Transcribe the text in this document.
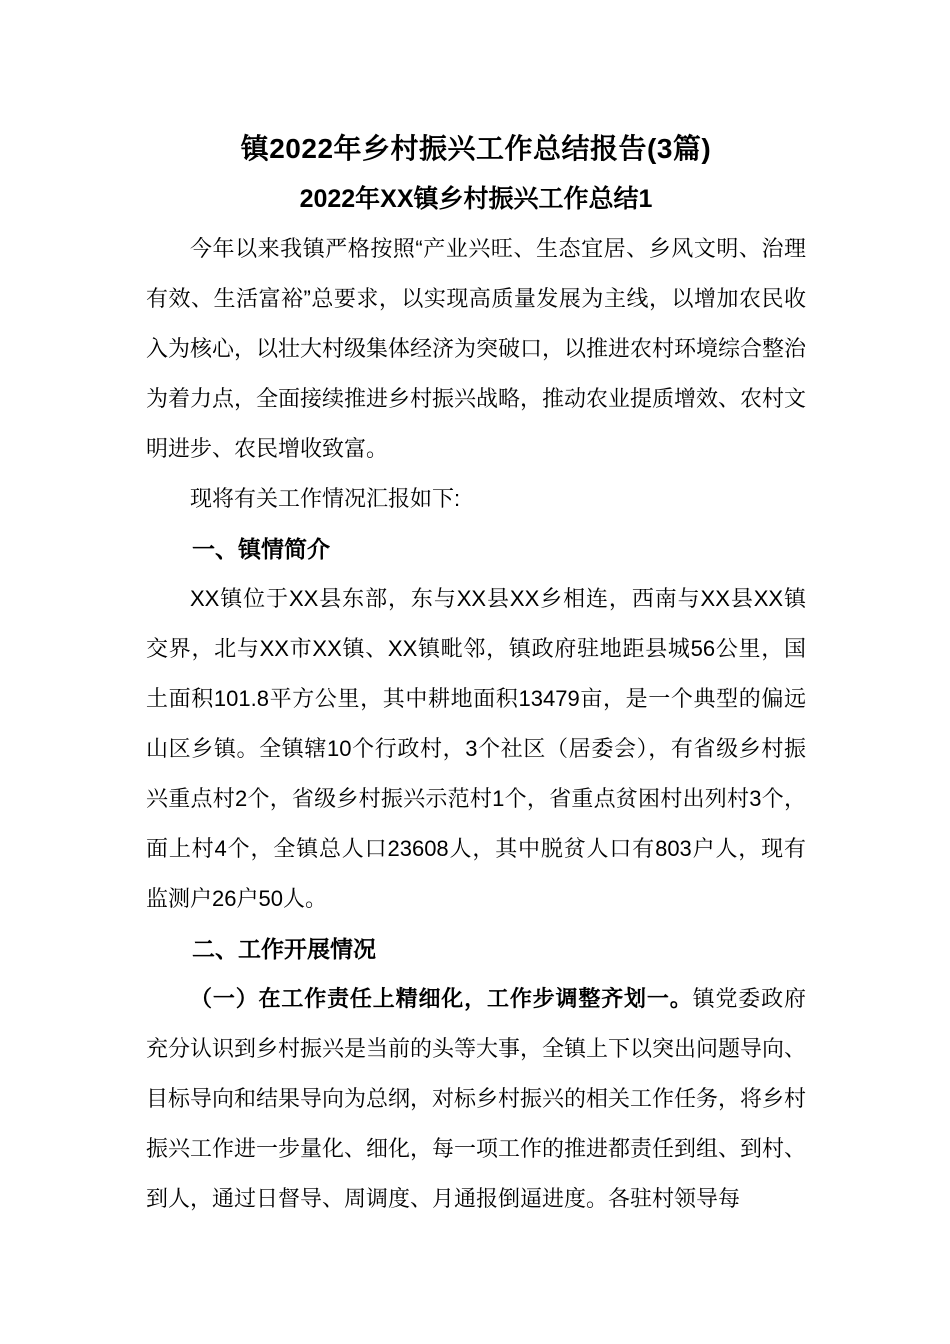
镇2022年乡村振兴工作总结报告(3篇)
2022年XX镇乡村振兴工作总结1

今年以来我镇严格按照“产业兴旺、生态宜居、乡风文明、治理有效、生活富裕”总要求，以实现高质量发展为主线，以增加农民收入为核心，以壮大村级集体经济为突破口，以推进农村环境综合整治为着力点，全面接续推进乡村振兴战略，推动农业提质增效、农村文明进步、农民增收致富。

现将有关工作情况汇报如下:

一、镇情简介

XX镇位于XX县东部，东与XX县XX乡相连，西南与XX县XX镇交界，北与XX市XX镇、XX镇毗邻，镇政府驻地距县城56公里，国土面积101.8平方公里，其中耕地面积13479亩，是一个典型的偏远山区乡镇。全镇辖10个行政村，3个社区（居委会），有省级乡村振兴重点村2个，省级乡村振兴示范村1个，省重点贫困村出列村3个，面上村4个，全镇总人口23608人，其中脱贫人口有803户人，现有监测户26户50人。

二、工作开展情况

（一）在工作责任上精细化，工作步调整齐划一。镇党委政府充分认识到乡村振兴是当前的头等大事，全镇上下以突出问题导向、目标导向和结果导向为总纲，对标乡村振兴的相关工作任务，将乡村振兴工作进一步量化、细化，每一项工作的推进都责任到组、到村、到人，通过日督导、周调度、月通报倒逼进度。各驻村领导每
